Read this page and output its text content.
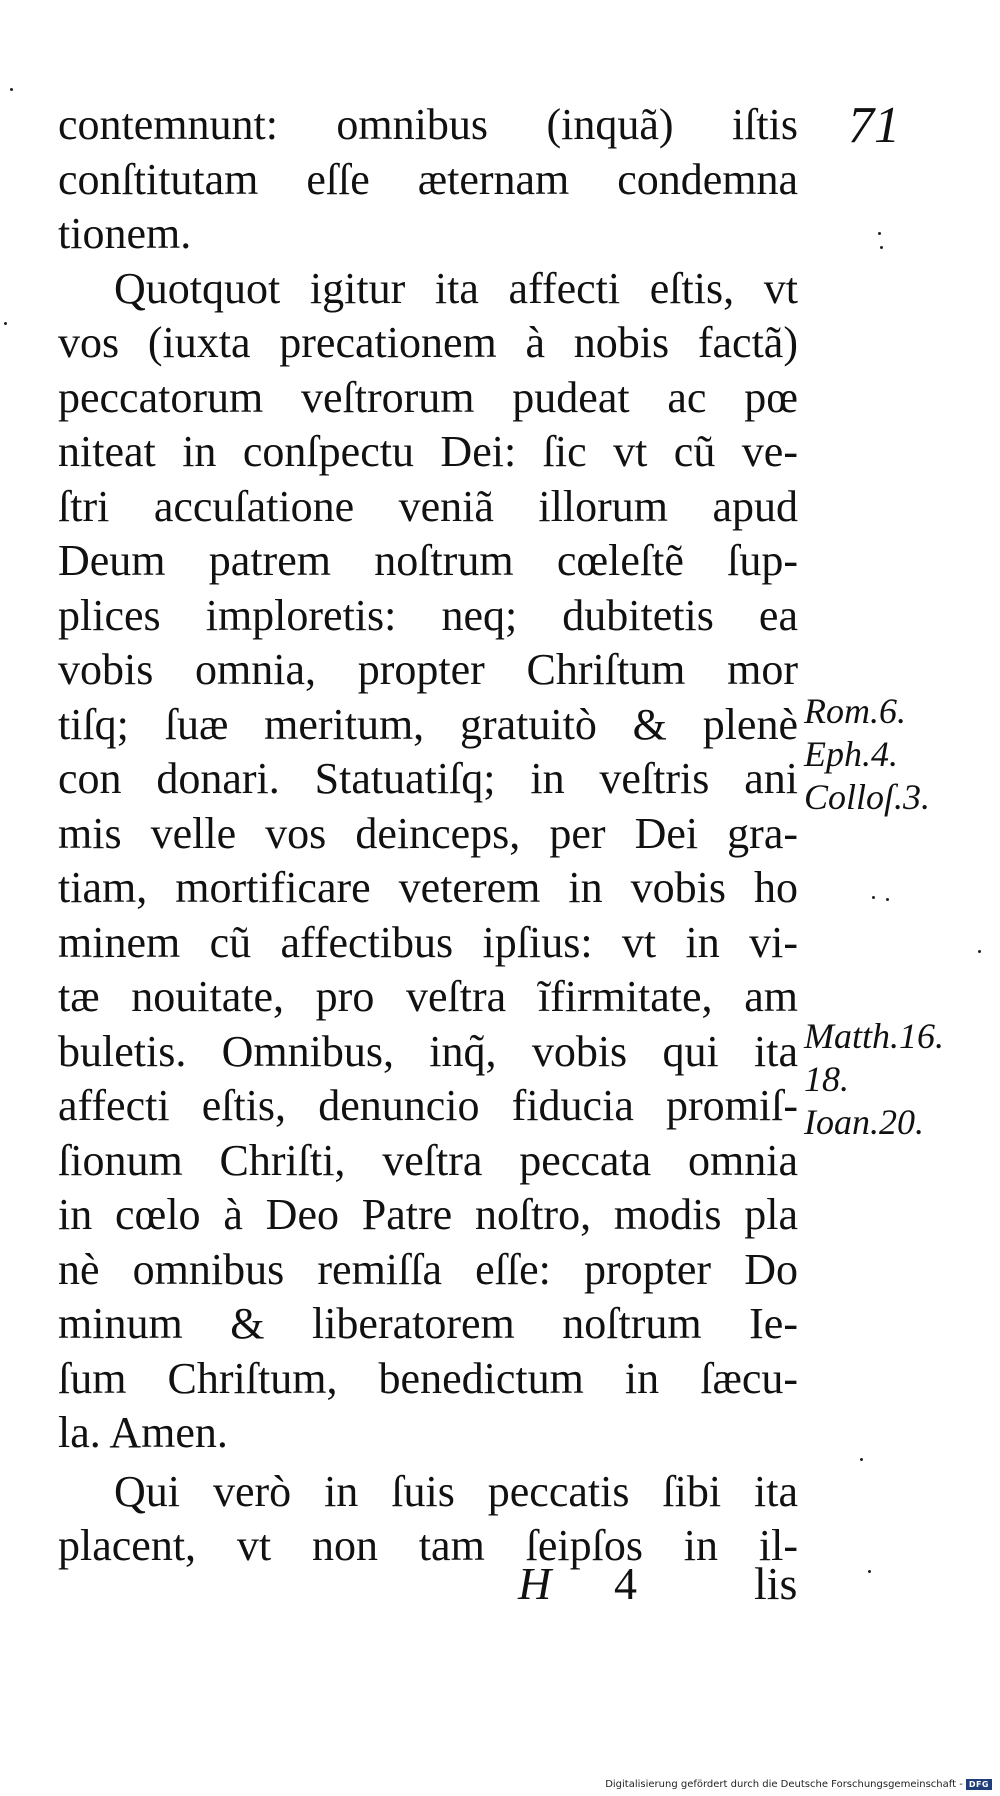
71
contemnunt: omnibus (inquã) iſtis
conſtitutam eſſe æternam condemna
tionem.
Quotquot igitur ita affecti eſtis, vt
vos (iuxta precationem à nobis factã)
peccatorum veſtrorum pudeat ac pœ
niteat in conſpectu Dei: ſic vt cũ ve-
ſtri accuſatione veniã illorum apud
Deum patrem noſtrum cœleſtẽ ſup-
plices imploretis: neq; dubitetis ea
vobis omnia, propter Chriſtum mor
tiſq; ſuæ meritum, gratuitò & plenè
con donari. Statuatiſq; in veſtris ani
mis velle vos deinceps, per Dei gra-
tiam, mortificare veterem in vobis ho
minem cũ affectibus ipſius: vt in vi-
tæ nouitate, pro veſtra ĩfirmitate, am
buletis. Omnibus, inq̃, vobis qui ita
affecti eſtis, denuncio fiducia promiſ-
ſionum Chriſti, veſtra peccata omnia
in cœlo à Deo Patre noſtro, modis pla
nè omnibus remiſſa eſſe: propter Do
minum & liberatorem noſtrum Ie-
ſum Chriſtum, benedictum in ſæcu-
la. Amen.
Qui verò in ſuis peccatis ſibi ita
placent, vt non tam ſeipſos in il-
Rom.6.
Eph.4.
Colloſ.3.
Matth.16.
18.
Ioan.20.
H 4	lis
Digitalisierung gefördert durch die Deutsche Forschungsgemeinschaft - DFG
